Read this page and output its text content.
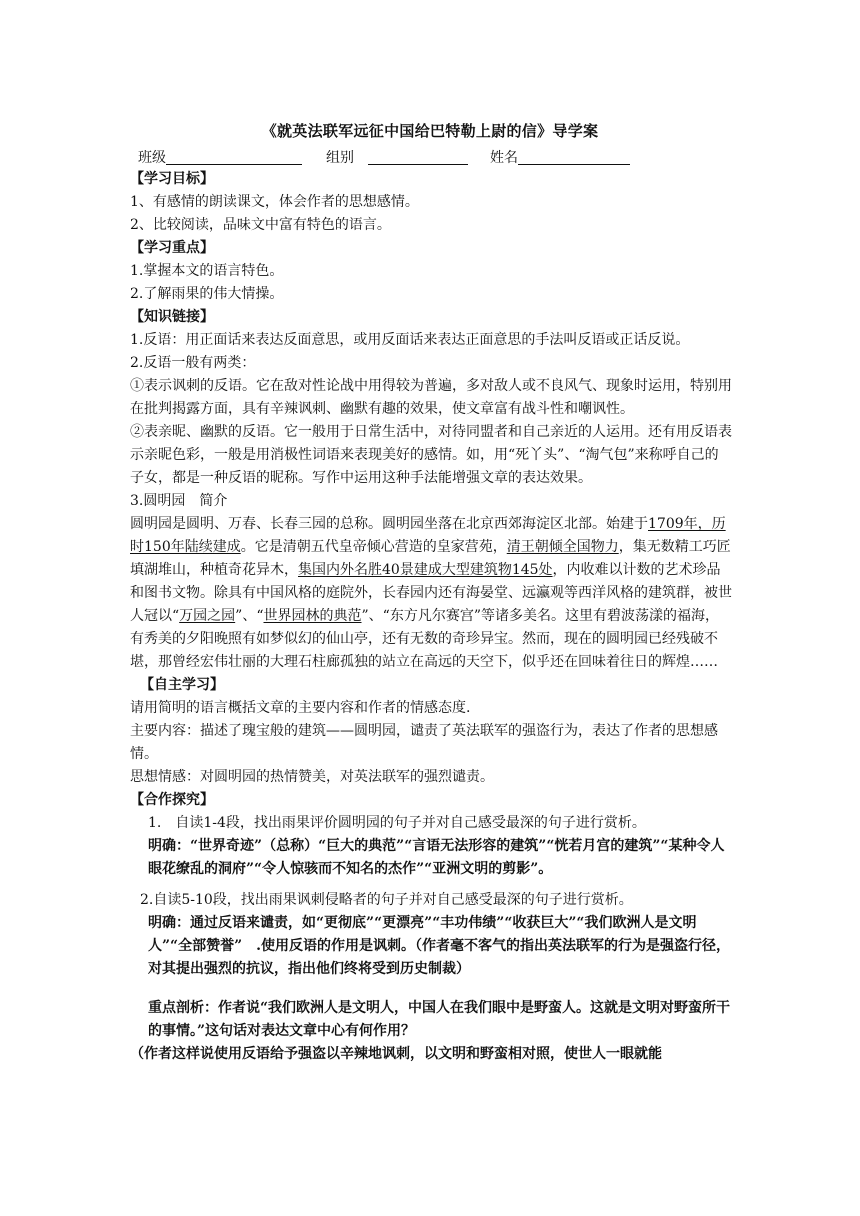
《就英法联军远征中国给巴特勒上尉的信》导学案
班级	组别	姓名

【学习目标】

1、有感情的朗读课文，体会作者的思想感情。

2、比较阅读，品味文中富有特色的语言。

【学习重点】

1.掌握本文的语言特色。

2.了解雨果的伟大情操。

【知识链接】

1.反语：用正面话来表达反面意思，或用反面话来表达正面意思的手法叫反语或正话反说。

2.反语一般有两类：

①表示讽刺的反语。它在敌对性论战中用得较为普遍，多对敌人或不良风气、现象时运用，特别用在批判揭露方面，具有辛辣讽刺、幽默有趣的效果，使文章富有战斗性和嘲讽性。

②表亲昵、幽默的反语。它一般用于日常生活中，对待同盟者和自己亲近的人运用。还有用反语表示亲昵色彩，一般是用消极性词语来表现美好的感情。如，用“死丫头”、“淘气包”来称呼自己的子女，都是一种反语的昵称。写作中运用这种手法能增强文章的表达效果。

3.圆明园　简介

圆明园是圆明、万春、长春三园的总称。圆明园坐落在北京西郊海淀区北部。始建于1709年，历时150年陆续建成。它是清朝五代皇帝倾心营造的皇家营苑，清王朝倾全国物力，集无数精工巧匠填湖堆山，种植奇花异木，集国内外名胜40景建成大型建筑物145处，内收难以计数的艺术珍品和图书文物。除具有中国风格的庭院外，长春园内还有海晏堂、远瀛观等西洋风格的建筑群，被世人冠以“万园之园”、“世界园林的典范”、“东方凡尔赛宫”等诸多美名。这里有碧波荡漾的福海，有秀美的夕阳晚照有如梦似幻的仙山亭，还有无数的奇珍异宝。然而，现在的圆明园已经残破不堪，那曾经宏伟壮丽的大理石柱廊孤独的站立在高远的天空下，似乎还在回味着往日的辉煌……

【自主学习】

请用简明的语言概括文章的主要内容和作者的情感态度.

主要内容：描述了瑰宝般的建筑——圆明园，谴责了英法联军的强盗行为，表达了作者的思想感情。

思想情感：对圆明园的热情赞美，对英法联军的强烈谴责。

【合作探究】

1.　自读1-4段，找出雨果评价圆明园的句子并对自己感受最深的句子进行赏析。

明确：“世界奇迹”（总称）“巨大的典范”“言语无法形容的建筑”“恍若月宫的建筑”“某种令人眼花缭乱的洞府”“令人惊骇而不知名的杰作”“亚洲文明的剪影”。

2.自读5-10段，找出雨果讽刺侵略者的句子并对自己感受最深的句子进行赏析。

明确：通过反语来谴责，如“更彻底”“更漂亮”“丰功伟绩”“收获巨大”“我们欧洲人是文明人”“全部赞誉”　.使用反语的作用是讽刺。（作者毫不客气的指出英法联军的行为是强盗行径，对其提出强烈的抗议，指出他们终将受到历史制裁）

重点剖析：作者说“我们欧洲人是文明人，中国人在我们眼中是野蛮人。这就是文明对野蛮所干的事情。”这句话对表达文章中心有何作用？

（作者这样说使用反语给予强盗以辛辣地讽刺，以文明和野蛮相对照，使世人一眼就能
